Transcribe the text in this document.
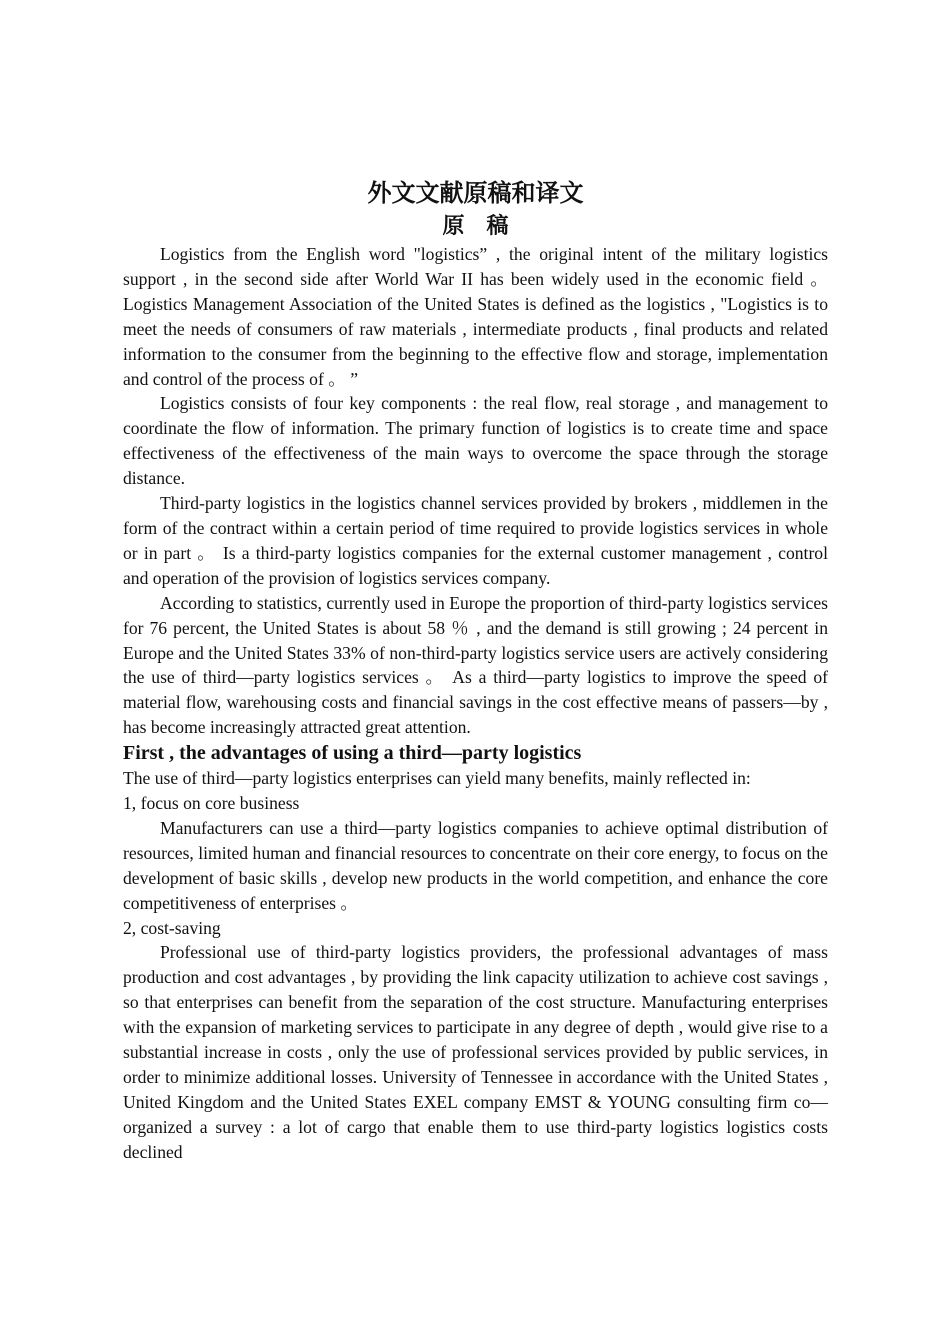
外文文献原稿和译文
原　稿

Logistics from the English word "logistics” , the original intent of the military logistics support , in the second side after World War II has been widely used in the economic field 。 Logistics Management Association of the United States is defined as the logistics , "Logistics is to meet the needs of consumers of raw materials , intermediate products , final products and related information to the consumer from the beginning to the effective flow and storage, implementation and control of the process of 。 ”

Logistics consists of four key components : the real flow, real storage , and management to coordinate the flow of information. The primary function of logistics is to create time and space effectiveness of the effectiveness of the main ways to overcome the space through the storage distance.

Third-party logistics in the logistics channel services provided by brokers , middlemen in the form of the contract within a certain period of time required to provide logistics services in whole or in part 。 Is a third-party logistics companies for the external customer management , control and operation of the provision of logistics services company.

According to statistics, currently used in Europe the proportion of third-party logistics services for 76 percent, the United States is about 58 ％ , and the demand is still growing ; 24 percent in Europe and the United States 33% of non-third-party logistics service users are actively considering the use of third—party logistics services 。 As a third—party logistics to improve the speed of material flow, warehousing costs and financial savings in the cost effective means of passers—by , has become increasingly attracted great attention.

First , the advantages of using a third—party logistics

The use of third—party logistics enterprises can yield many benefits, mainly reflected in:

1, focus on core business

Manufacturers can use a third—party logistics companies to achieve optimal distribution of resources, limited human and financial resources to concentrate on their core energy, to focus on the development of basic skills , develop new products in the world competition, and enhance the core competitiveness of enterprises 。

2, cost-saving

Professional use of third-party logistics providers, the professional advantages of mass production and cost advantages , by providing the link capacity utilization to achieve cost savings , so that enterprises can benefit from the separation of the cost structure. Manufacturing enterprises with the expansion of marketing services to participate in any degree of depth , would give rise to a substantial increase in costs , only the use of professional services provided by public services, in order to minimize additional losses. University of Tennessee in accordance with the United States , United Kingdom and the United States EXEL company EMST & YOUNG consulting firm co—organized a survey : a lot of cargo that enable them to use third-party logistics logistics costs declined
